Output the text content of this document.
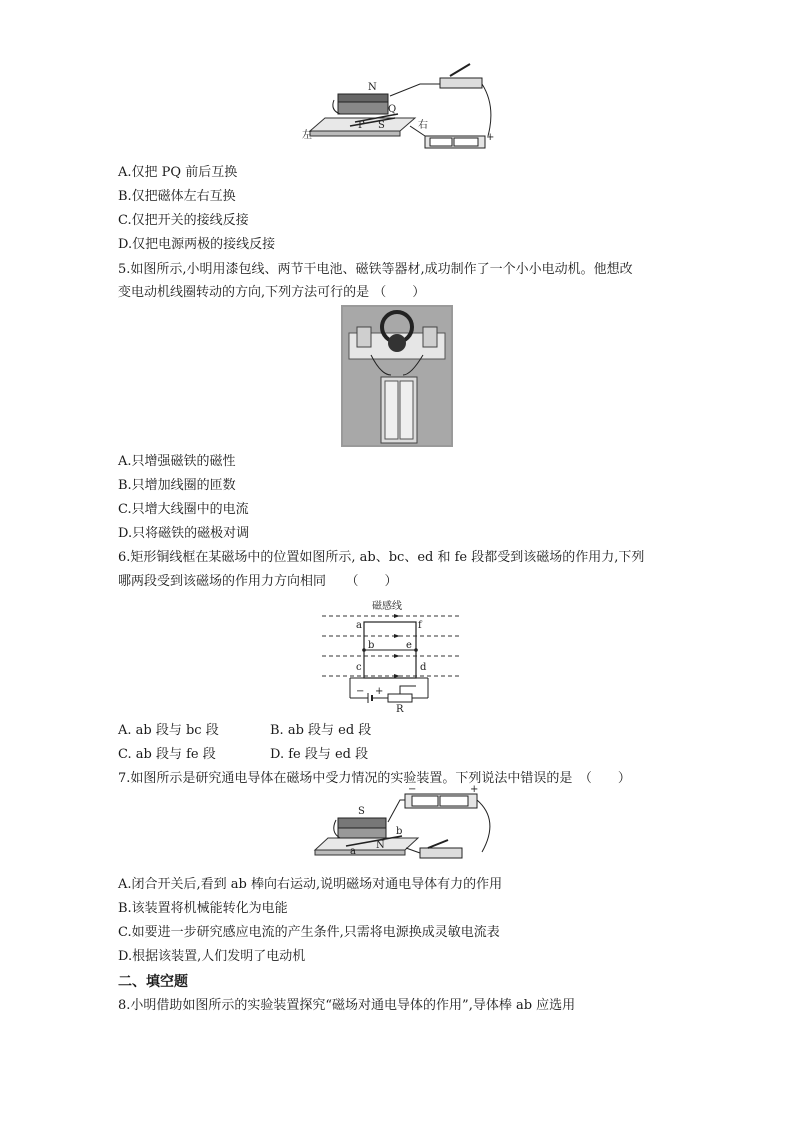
N
Q
P S
左
右
+
A.仅把 PQ 前后互换
B.仅把磁体左右互换
C.仅把开关的接线反接
D.仅把电源两极的接线反接
5.如图所示,小明用漆包线、两节干电池、磁铁等器材,成功制作了一个小小电动机。他想改
变电动机线圈转动的方向,下列方法可行的是 （　　）
A.只增强磁铁的磁性
B.只增加线圈的匝数
C.只增大线圈中的电流
D.只将磁铁的磁极对调
6.矩形铜线框在某磁场中的位置如图所示, ab、bc、ed 和 fe 段都受到该磁场的作用力,下列
哪两段受到该磁场的作用力方向相同　　（　　）
磁感线
a	f
b	e
c	d
− +
R
A. ab 段与 bc 段	B. ab 段与 ed 段
C. ab 段与 fe 段	D. fe 段与 ed 段
7.如图所示是研究通电导体在磁场中受力情况的实验装置。下列说法中错误的是　（　　）
S
N
a
b
−	+
A.闭合开关后,看到 ab 棒向右运动,说明磁场对通电导体有力的作用
B.该装置将机械能转化为电能
C.如要进一步研究感应电流的产生条件,只需将电源换成灵敏电流表
D.根据该装置,人们发明了电动机
二、填空题
8.小明借助如图所示的实验装置探究“磁场对通电导体的作用”,导体棒 ab 应选用
